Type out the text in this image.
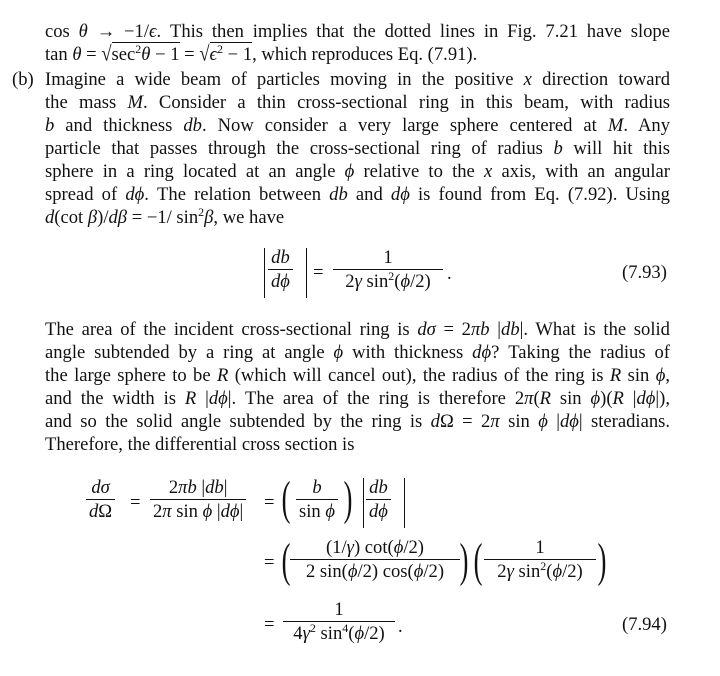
cos θ → −1/ϵ. This then implies that the dotted lines in Fig. 7.21 have slope
$\tan \theta = √\sec^2\theta - 1 = √\epsilon^2 - 1$, which reproduces Eq. (7.91).
(b) Imagine a wide beam of particles moving in the positive x direction toward
the mass M. Consider a thin cross-sectional ring in this beam, with radius
b and thickness db. Now consider a very large sphere centered at M. Any
particle that passes through the cross-sectional ring of radius b will hit this
sphere in a ring located at an angle ϕ relative to the x axis, with an angular
spread of dϕ. The relation between db and dϕ is found from Eq. (7.92). Using
d(cot β)/dβ = −1/ $\sin^2\beta$, we have
db
dϕ =
1
2γ $\sin^2(\phi/2)$ .	(7.93)
The area of the incident cross-sectional ring is dσ = 2πb |db|. What is the solid
angle subtended by a ring at angle ϕ with thickness dϕ? Taking the radius of
the large sphere to be R (which will cancel out), the radius of the ring is R sin ϕ,
and the width is R |dϕ|. The area of the ring is therefore 2π(R sin ϕ)(R |dϕ|),
and so the solid angle subtended by the ring is dΩ = 2π sin ϕ |dϕ| steradians.
Therefore, the differential cross section is
dσ
dΩ =
2πb |db|
2π sin ϕ |dϕ| = ( b
sin ϕ ) db
dϕ
= ( (1/γ) cot(ϕ/2)
2 sin(ϕ/2) cos(ϕ/2) ) (	1
2γ $\sin^2(\phi/2)$ )
=
1
$4\gamma^2$ $\sin^4(\phi/2)$ .	(7.94)
